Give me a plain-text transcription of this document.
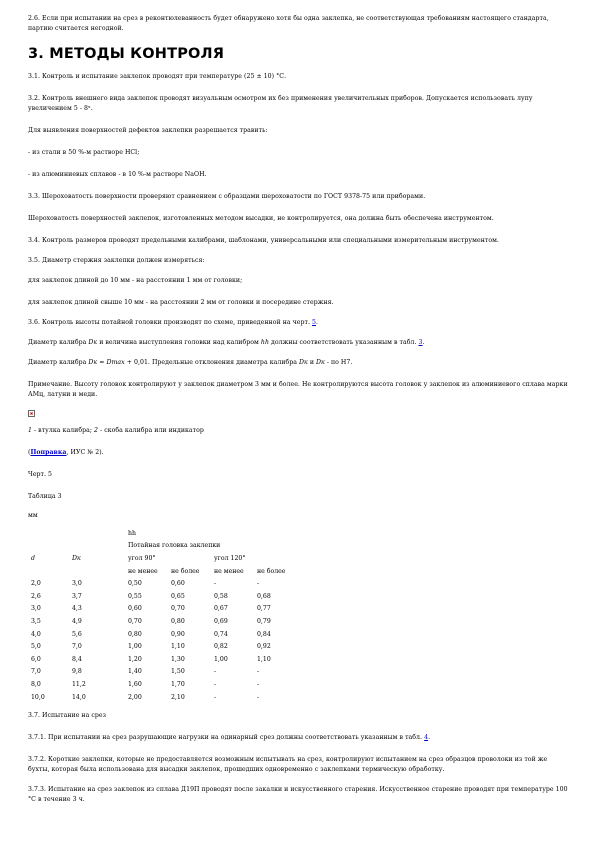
2.6. Если при испытании на срез в реконтюлеванность будет обнаружено хотя бы одна заклепка, не соответствующая требованиям настоящего стандарта, партию считается негодной.

3. МЕТОДЫ КОНТРОЛЯ

3.1. Контроль и испытание заклепок проводят при температуре (25 ± 10) °С.

3.2. Контроль внешнего вида заклепок проводят визуальным осмотром их без применения увеличительных приборов. Допускается использовать лупу увеличением 5 - 8ˣ.

Для выявления поверхностей дефектов заклепки разрешается травить:

- из стали в 50 %-м растворе HCl;

- из алюминиевых сплавов - в 10 %-м растворе NaOH.

3.3. Шероховатость поверхности проверяют сравнением с образцами шероховатости по ГОСТ 9378-75 или приборами.

Шероховатость поверхностей заклепок, изготовленных методом высадки, не контролируется, она должна быть обеспечена инструментом.

3.4. Контроль размеров проводят предельными калибрами, шаблонами, универсальными или специальными измерительным инструментом.

3.5. Диаметр стержня заклепки должен измеряться:

для заклепок длиной до 10 мм - на расстоянии 1 мм от головки;

для заклепок длиной свыше 10 мм - на расстоянии 2 мм от головки и посередине стержня.

3.6. Контроль высоты потайной головки производят по схеме, приведенной на черт. 5.

Диаметр калибра Dк и величина выступления головки над калибром hh должны соответствовать указанным в табл. 3.

Диаметр калибра Dк = Dmax + 0,01. Предельные отклонения диаметра калибра Dк и Dк - по Н7.

Примечание. Высоту головок контролируют у заклепок диаметром 3 мм и более. Не контролируются высота головок у заклепок из алюминиевого сплава марки АМц, латуни и меди.

1 - втулка калибра; 2 - скоба калибра или индикатор

(Поправка, ИУС № 2).

Черт. 5

Таблица 3

мм

		hh			
		Потайная головка заклепки			
d	Dк	угол 90°		угол 120°	
		не менее	не более	не менее	не более
2,0	3,0	0,50	0,60	-	-
2,6	3,7	0,55	0,65	0,58	0,68
3,0	4,3	0,60	0,70	0,67	0,77
3,5	4,9	0,70	0,80	0,69	0,79
4,0	5,6	0,80	0,90	0,74	0,84
5,0	7,0	1,00	1,10	0,82	0,92
6,0	8,4	1,20	1,30	1,00	1,10
7,0	9,8	1,40	1,50	-	-
8,0	11,2	1,60	1,70	-	-
10,0	14,0	2,00	2,10	-	-

3.7. Испытание на срез

3.7.1. При испытании на срез разрушающие нагрузки на одинарный срез должны соответствовать указанным в табл. 4.

3.7.2. Короткие заклепки, которые не предоставляется возможным испытывать на срез, контролируют испытанием на срез образцов проволоки из той же бухты, которая была использована для высадки заклепок, прошедших одновременно с заклепками термическую обработку.

3.7.3. Испытание на срез заклепок из сплава Д19П проводят после закалки и искусственного старения. Искусственное старение проводят при температуре 100 °С в течение 3 ч.
